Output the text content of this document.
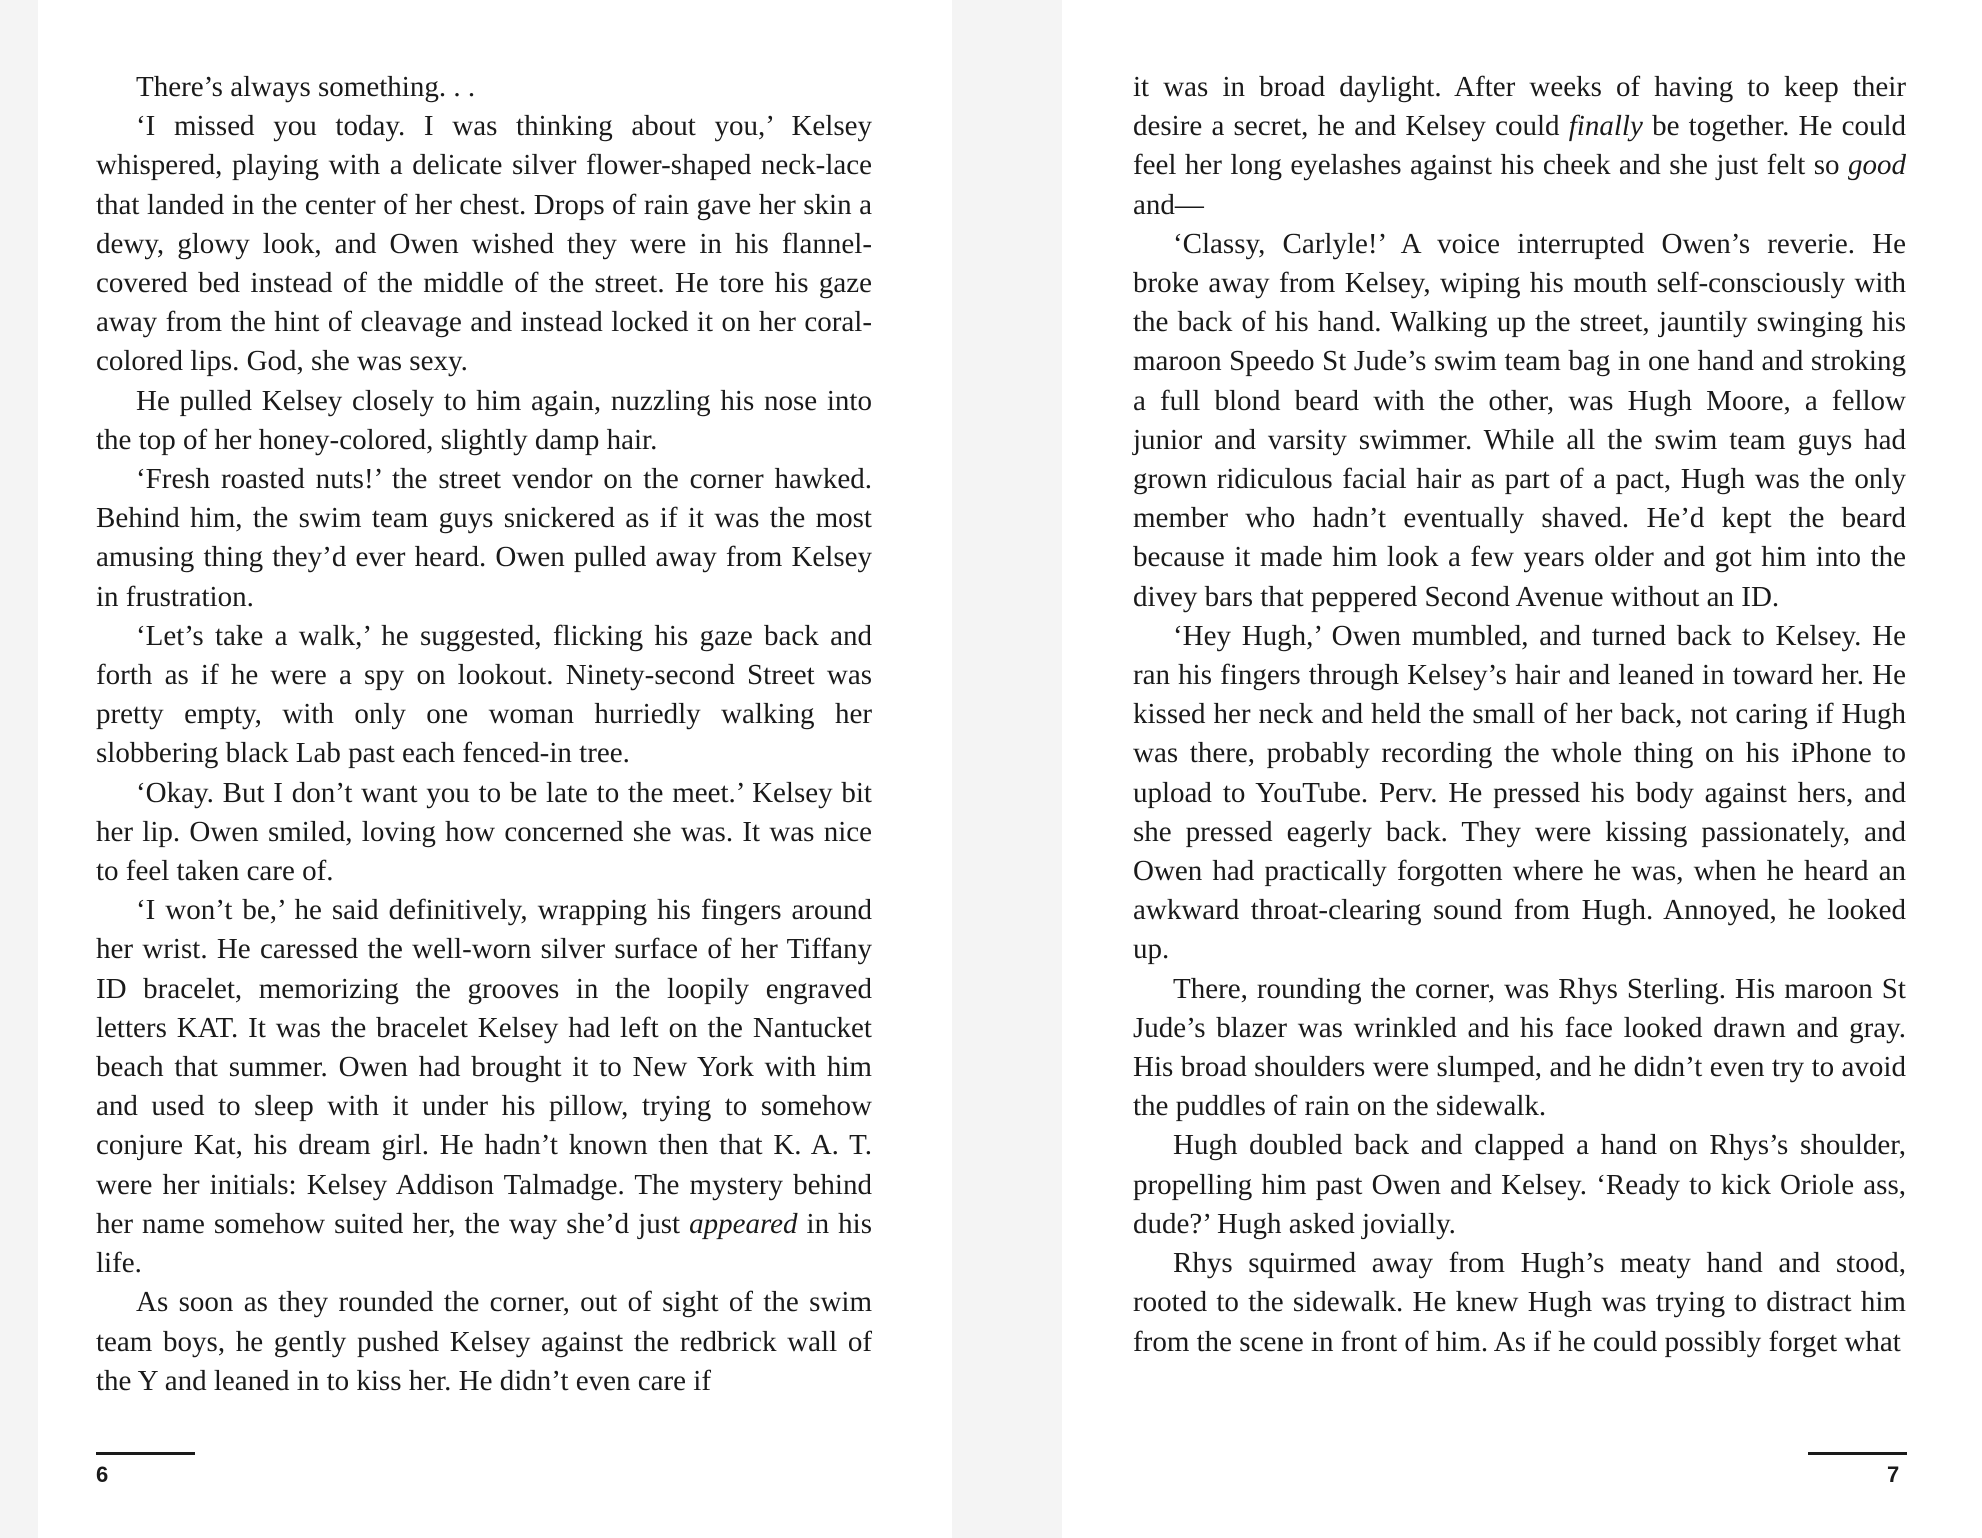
There’s always something. . .

‘I missed you today. I was thinking about you,’ Kelsey whispered, playing with a delicate silver flower-shaped neck-lace that landed in the center of her chest. Drops of rain gave her skin a dewy, glowy look, and Owen wished they were in his flannel-covered bed instead of the middle of the street. He tore his gaze away from the hint of cleavage and instead locked it on her coral-colored lips. God, she was sexy.

He pulled Kelsey closely to him again, nuzzling his nose into the top of her honey-colored, slightly damp hair.

‘Fresh roasted nuts!’ the street vendor on the corner hawked. Behind him, the swim team guys snickered as if it was the most amusing thing they’d ever heard. Owen pulled away from Kelsey in frustration.

‘Let’s take a walk,’ he suggested, flicking his gaze back and forth as if he were a spy on lookout. Ninety-second Street was pretty empty, with only one woman hurriedly walking her slobbering black Lab past each fenced-in tree.

‘Okay. But I don’t want you to be late to the meet.’ Kelsey bit her lip. Owen smiled, loving how concerned she was. It was nice to feel taken care of.

‘I won’t be,’ he said definitively, wrapping his fingers around her wrist. He caressed the well-worn silver surface of her Tiffany ID bracelet, memorizing the grooves in the loopily engraved letters KAT. It was the bracelet Kelsey had left on the Nantucket beach that summer. Owen had brought it to New York with him and used to sleep with it under his pillow, trying to somehow conjure Kat, his dream girl. He hadn’t known then that K. A. T. were her initials: Kelsey Addison Talmadge. The mystery behind her name somehow suited her, the way she’d just appeared in his life.

As soon as they rounded the corner, out of sight of the swim team boys, he gently pushed Kelsey against the redbrick wall of the Y and leaned in to kiss her. He didn’t even care if

6

it was in broad daylight. After weeks of having to keep their desire a secret, he and Kelsey could finally be together. He could feel her long eyelashes against his cheek and she just felt so good and—

‘Classy, Carlyle!’ A voice interrupted Owen’s reverie. He broke away from Kelsey, wiping his mouth self-consciously with the back of his hand. Walking up the street, jauntily swinging his maroon Speedo St Jude’s swim team bag in one hand and stroking a full blond beard with the other, was Hugh Moore, a fellow junior and varsity swimmer. While all the swim team guys had grown ridiculous facial hair as part of a pact, Hugh was the only member who hadn’t eventually shaved. He’d kept the beard because it made him look a few years older and got him into the divey bars that peppered Second Avenue without an ID.

‘Hey Hugh,’ Owen mumbled, and turned back to Kelsey. He ran his fingers through Kelsey’s hair and leaned in toward her. He kissed her neck and held the small of her back, not caring if Hugh was there, probably recording the whole thing on his iPhone to upload to YouTube. Perv. He pressed his body against hers, and she pressed eagerly back. They were kissing passionately, and Owen had practically forgotten where he was, when he heard an awkward throat-clearing sound from Hugh. Annoyed, he looked up.

There, rounding the corner, was Rhys Sterling. His maroon St Jude’s blazer was wrinkled and his face looked drawn and gray. His broad shoulders were slumped, and he didn’t even try to avoid the puddles of rain on the sidewalk.

Hugh doubled back and clapped a hand on Rhys’s shoulder, propelling him past Owen and Kelsey. ‘Ready to kick Oriole ass, dude?’ Hugh asked jovially.

Rhys squirmed away from Hugh’s meaty hand and stood, rooted to the sidewalk. He knew Hugh was trying to distract him from the scene in front of him. As if he could possibly forget what

7
